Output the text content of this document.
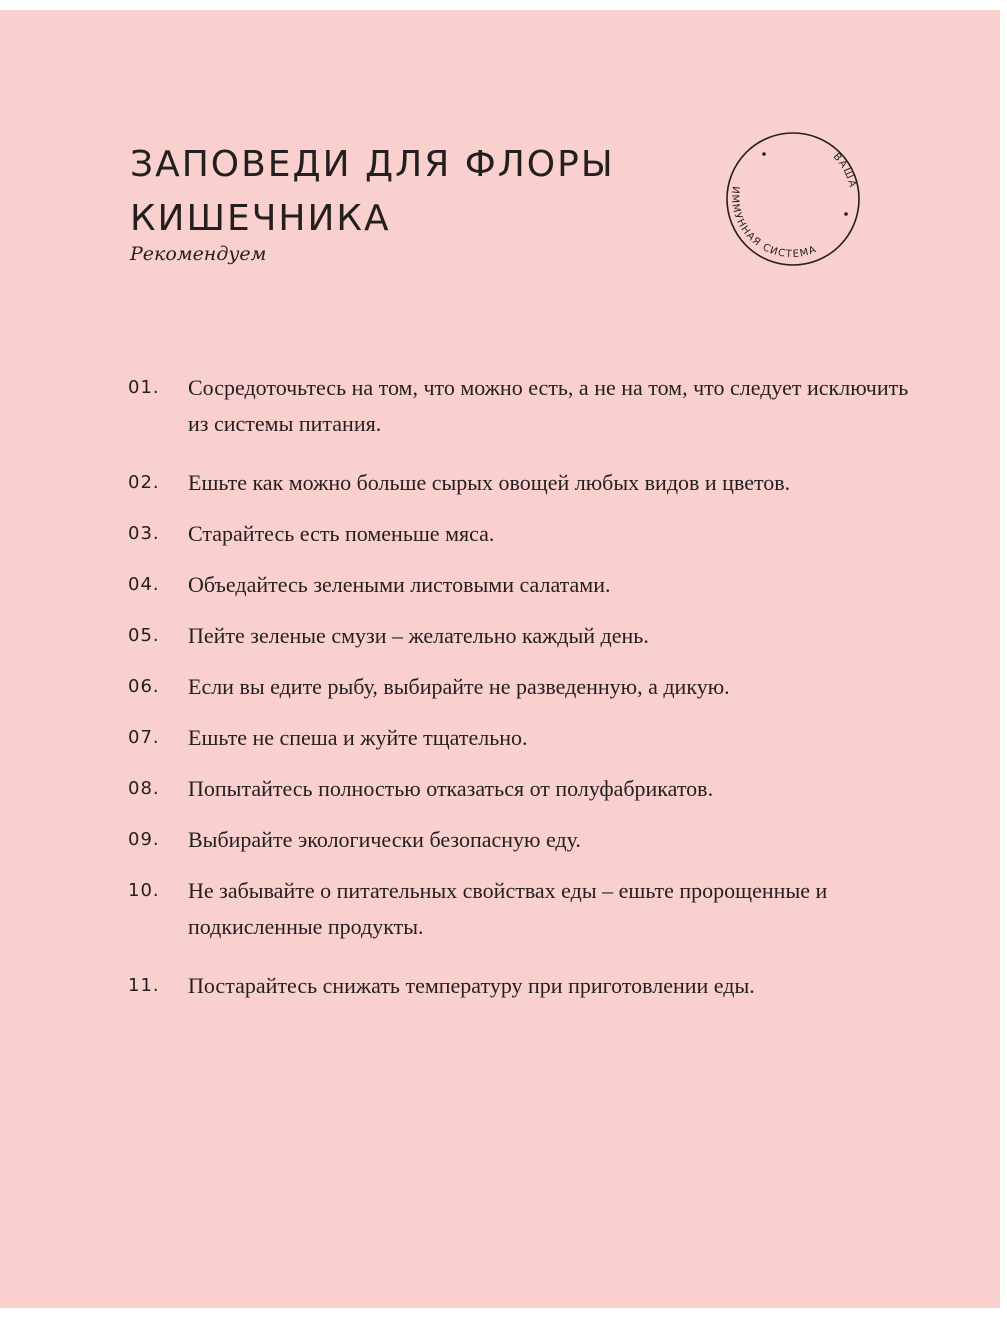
ЗАПОВЕДИ ДЛЯ ФЛОРЫ
КИШЕЧНИКА
Рекомендуем
ВАША
ИММУННАЯ СИСТЕМА
01.	Сосредоточьтесь на том, что можно есть, а не на том, что следует исключить из системы питания.
02.	Ешьте как можно больше сырых овощей любых видов и цветов.
03.	Старайтесь есть поменьше мяса.
04.	Объедайтесь зелеными листовыми салатами.
05.	Пейте зеленые смузи – желательно каждый день.
06.	Если вы едите рыбу, выбирайте не разведенную, а дикую.
07.	Ешьте не спеша и жуйте тщательно.
08.	Попытайтесь полностью отказаться от полуфабрикатов.
09.	Выбирайте экологически безопасную еду.
10.	Не забывайте о питательных свойствах еды – ешьте пророщенные и подкисленные продукты.
11.	Постарайтесь снижать температуру при приготовлении еды.
